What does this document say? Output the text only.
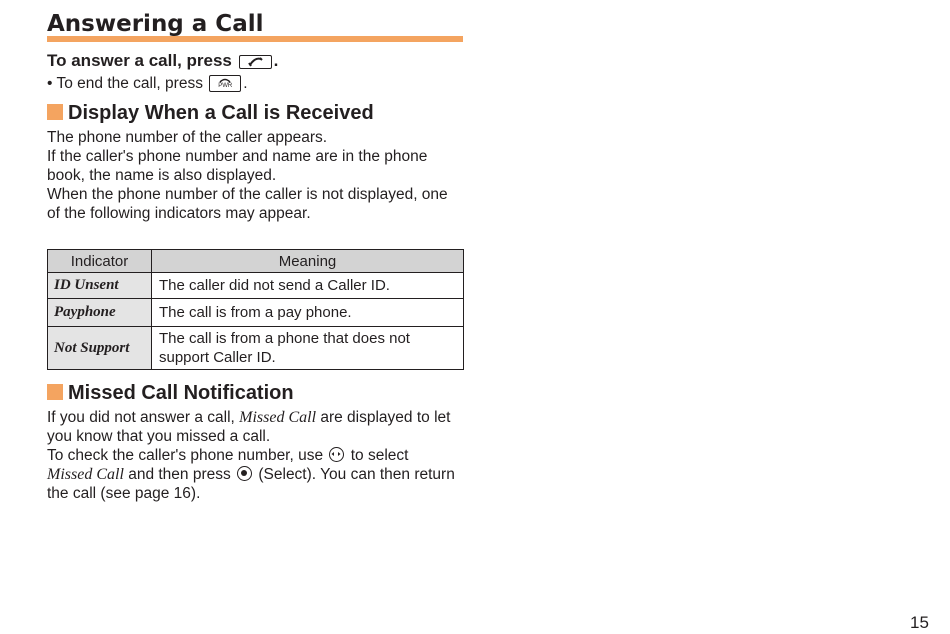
Answering a Call
To answer a call, press .
• To end the call, press	PWR .
Display When a Call is Received
The phone number of the caller appears.
If the caller's phone number and name are in the phone
book, the name is also displayed.
When the phone number of the caller is not displayed, one
of the following indicators may appear.
Indicator	Meaning
ID Unsent	The caller did not send a Caller ID.
Payphone	The call is from a pay phone.
Not Support	The call is from a phone that does not
support Caller ID.
Missed Call Notification
If you did not answer a call, Missed Call are displayed to let
you know that you missed a call.
To check the caller's phone number, use to select
Missed Call and then press (Select). You can then return
the call (see page 16).
15
